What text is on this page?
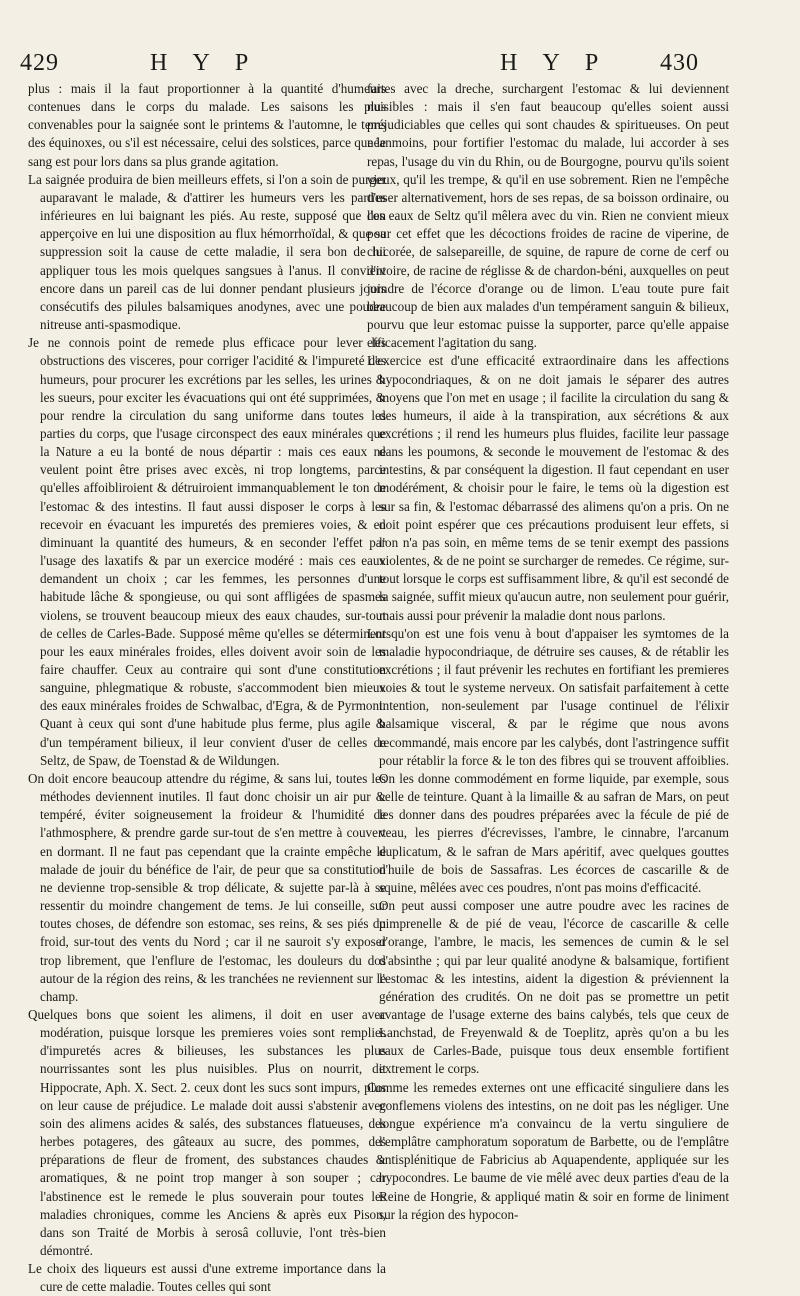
429	H Y P	H Y P 430

plus : mais il la faut proportionner à la quantité d'humeurs contenues dans le corps du malade. Les saisons les plus convenables pour la saignée sont le printems & l'automne, le tems des équinoxes, ou s'il est nécessaire, celui des solstices, parce que le sang est pour lors dans sa plus grande agitation.

La saignée produira de bien meilleurs effets, si l'on a soin de purger auparavant le malade, & d'attirer les humeurs vers les parties inférieures en lui baignant les piés. Au reste, supposé que l'on apperçoive en lui une disposition au flux hémorrhoïdal, & que sa suppression soit la cause de cette maladie, il sera bon de lui appliquer tous les mois quelques sangsues à l'anus. Il convient encore dans un pareil cas de lui donner pendant plusieurs jours consécutifs des pilules balsamiques anodynes, avec une poudre nitreuse anti-spasmodique.

Je ne connois point de remede plus efficace pour lever les obstructions des visceres, pour corriger l'acidité & l'impureté des humeurs, pour procurer les excrétions par les selles, les urines & les sueurs, pour exciter les évacuations qui ont été supprimées, & pour rendre la circulation du sang uniforme dans toutes les parties du corps, que l'usage circonspect des eaux minérales que la Nature a eu la bonté de nous départir : mais ces eaux ne veulent point être prises avec excès, ni trop longtems, parce qu'elles affoibliroient & détruiroient immanquablement le ton de l'estomac & des intestins. Il faut aussi disposer le corps à les recevoir en évacuant les impuretés des premieres voies, & en diminuant la quantité des humeurs, & en seconder l'effet par l'usage des laxatifs & par un exercice modéré : mais ces eaux demandent un choix ; car les femmes, les personnes d'une habitude lâche & spongieuse, ou qui sont affligées de spasmes violens, se trouvent beaucoup mieux des eaux chaudes, sur-tout de celles de Carles-Bade. Supposé même qu'elles se déterminent pour les eaux minérales froides, elles doivent avoir soin de les faire chauffer. Ceux au contraire qui sont d'une constitution sanguine, phlegmatique & robuste, s'accommodent bien mieux des eaux minérales froides de Schwalbac, d'Egra, & de Pyrmont. Quant à ceux qui sont d'une habitude plus ferme, plus agile & d'un tempérament bilieux, il leur convient d'user de celles de Seltz, de Spaw, de Toenstad & de Wildungen.

On doit encore beaucoup attendre du régime, & sans lui, toutes les méthodes deviennent inutiles. Il faut donc choisir un air pur & tempéré, éviter soigneusement la froideur & l'humidité de l'athmosphere, & prendre garde sur-tout de s'en mettre à couvert en dormant. Il ne faut pas cependant que la crainte empêche le malade de jouir du bénéfice de l'air, de peur que sa constitution ne devienne trop-sensible & trop délicate, & sujette par-là à se ressentir du moindre changement de tems. Je lui conseille, sur toutes choses, de défendre son estomac, ses reins, & ses piés du froid, sur-tout des vents du Nord ; car il ne sauroit s'y exposer trop librement, que l'enflure de l'estomac, les douleurs du dos autour de la région des reins, & les tranchées ne reviennent sur le champ.

Quelques bons que soient les alimens, il doit en user avec modération, puisque lorsque les premieres voies sont remplies d'impuretés acres & bilieuses, les substances les plus nourrissantes sont les plus nuisibles. Plus on nourrit, dit Hippocrate, Aph. X. Sect. 2. ceux dont les sucs sont impurs, plus on leur cause de préjudice. Le malade doit aussi s'abstenir avec soin des alimens acides & salés, des substances flatueuses, des herbes potageres, des gâteaux au sucre, des pommes, des préparations de fleur de froment, des substances chaudes & aromatiques, & ne point trop manger à son souper ; car l'abstinence est le remede le plus souverain pour toutes les maladies chroniques, comme les Anciens & après eux Pison, dans son Traité de Morbis à serosâ colluvie, l'ont très-bien démontré.

Le choix des liqueurs est aussi d'une extreme importance dans la cure de cette maladie. Toutes celles qui sont

faites avec la dreche, surchargent l'estomac & lui deviennent nuisibles : mais il s'en faut beaucoup qu'elles soient aussi préjudiciables que celles qui sont chaudes & spiritueuses. On peut néanmoins, pour fortifier l'estomac du malade, lui accorder à ses repas, l'usage du vin du Rhin, ou de Bourgogne, pourvu qu'ils soient vieux, qu'il les trempe, & qu'il en use sobrement. Rien ne l'empêche d'user alternativement, hors de ses repas, de sa boisson ordinaire, ou des eaux de Seltz qu'il mêlera avec du vin. Rien ne convient mieux pour cet effet que les décoctions froides de racine de viperine, de chicorée, de salsepareille, de squine, de rapure de corne de cerf ou d'ivoire, de racine de réglisse & de chardon-béni, auxquelles on peut joindre de l'écorce d'orange ou de limon. L'eau toute pure fait beaucoup de bien aux malades d'un tempérament sanguin & bilieux, pourvu que leur estomac puisse la supporter, parce qu'elle appaise efficacement l'agitation du sang.

L'exercice est d'une efficacité extraordinaire dans les affections hypocondriaques, & on ne doit jamais le séparer des autres moyens que l'on met en usage ; il facilite la circulation du sang & des humeurs, il aide à la transpiration, aux sécrétions & aux excrétions ; il rend les humeurs plus fluides, facilite leur passage dans les poumons, & seconde le mouvement de l'estomac & des intestins, & par conséquent la digestion. Il faut cependant en user modérément, & choisir pour le faire, le tems où la digestion est sur sa fin, & l'estomac débarrassé des alimens qu'on a pris. On ne doit point espérer que ces précautions produisent leur effets, si l'on n'a pas soin, en même tems de se tenir exempt des passions violentes, & de ne point se surcharger de remedes. Ce régime, sur-tout lorsque le corps est suffisamment libre, & qu'il est secondé de la saignée, suffit mieux qu'aucun autre, non seulement pour guérir, mais aussi pour prévenir la maladie dont nous parlons.

Lorsqu'on est une fois venu à bout d'appaiser les symtomes de la maladie hypocondriaque, de détruire ses causes, & de rétablir les excrétions ; il faut prévenir les rechutes en fortifiant les premieres voies & tout le systeme nerveux. On satisfait parfaitement à cette intention, non-seulement par l'usage continuel de l'élixir balsamique visceral, & par le régime que nous avons recommandé, mais encore par les calybés, dont l'astringence suffit pour rétablir la force & le ton des fibres qui se trouvent affoiblies. On les donne commodément en forme liquide, par exemple, sous celle de teinture. Quant à la limaille & au safran de Mars, on peut les donner dans des poudres préparées avec la fécule de pié de veau, les pierres d'écrevisses, l'ambre, le cinnabre, l'arcanum duplicatum, & le safran de Mars apéritif, avec quelques gouttes d'huile de bois de Sassafras. Les écorces de cascarille & de squine, mêlées avec ces poudres, n'ont pas moins d'efficacité.

On peut aussi composer une autre poudre avec les racines de pimprenelle & de pié de veau, l'écorce de cascarille & celle d'orange, l'ambre, le macis, les semences de cumin & le sel d'absinthe ; qui par leur qualité anodyne & balsamique, fortifient l'estomac & les intestins, aident la digestion & préviennent la génération des crudités. On ne doit pas se promettre un petit avantage de l'usage externe des bains calybés, tels que ceux de Lanchstad, de Freyenwald & de Toeplitz, après qu'on a bu les eaux de Carles-Bade, puisque tous deux ensemble fortifient extrement le corps.

Comme les remedes externes ont une efficacité singuliere dans les gonflemens violens des intestins, on ne doit pas les négliger. Une longue expérience m'a convaincu de la vertu singuliere de l'emplâtre camphoratum soporatum de Barbette, ou de l'emplâtre antisplénitique de Fabricius ab Aquapendente, appliquée sur les hypocondres. Le baume de vie mêlé avec deux parties d'eau de la Reine de Hongrie, & appliqué matin & soir en forme de liniment sur la région des hypocon-
